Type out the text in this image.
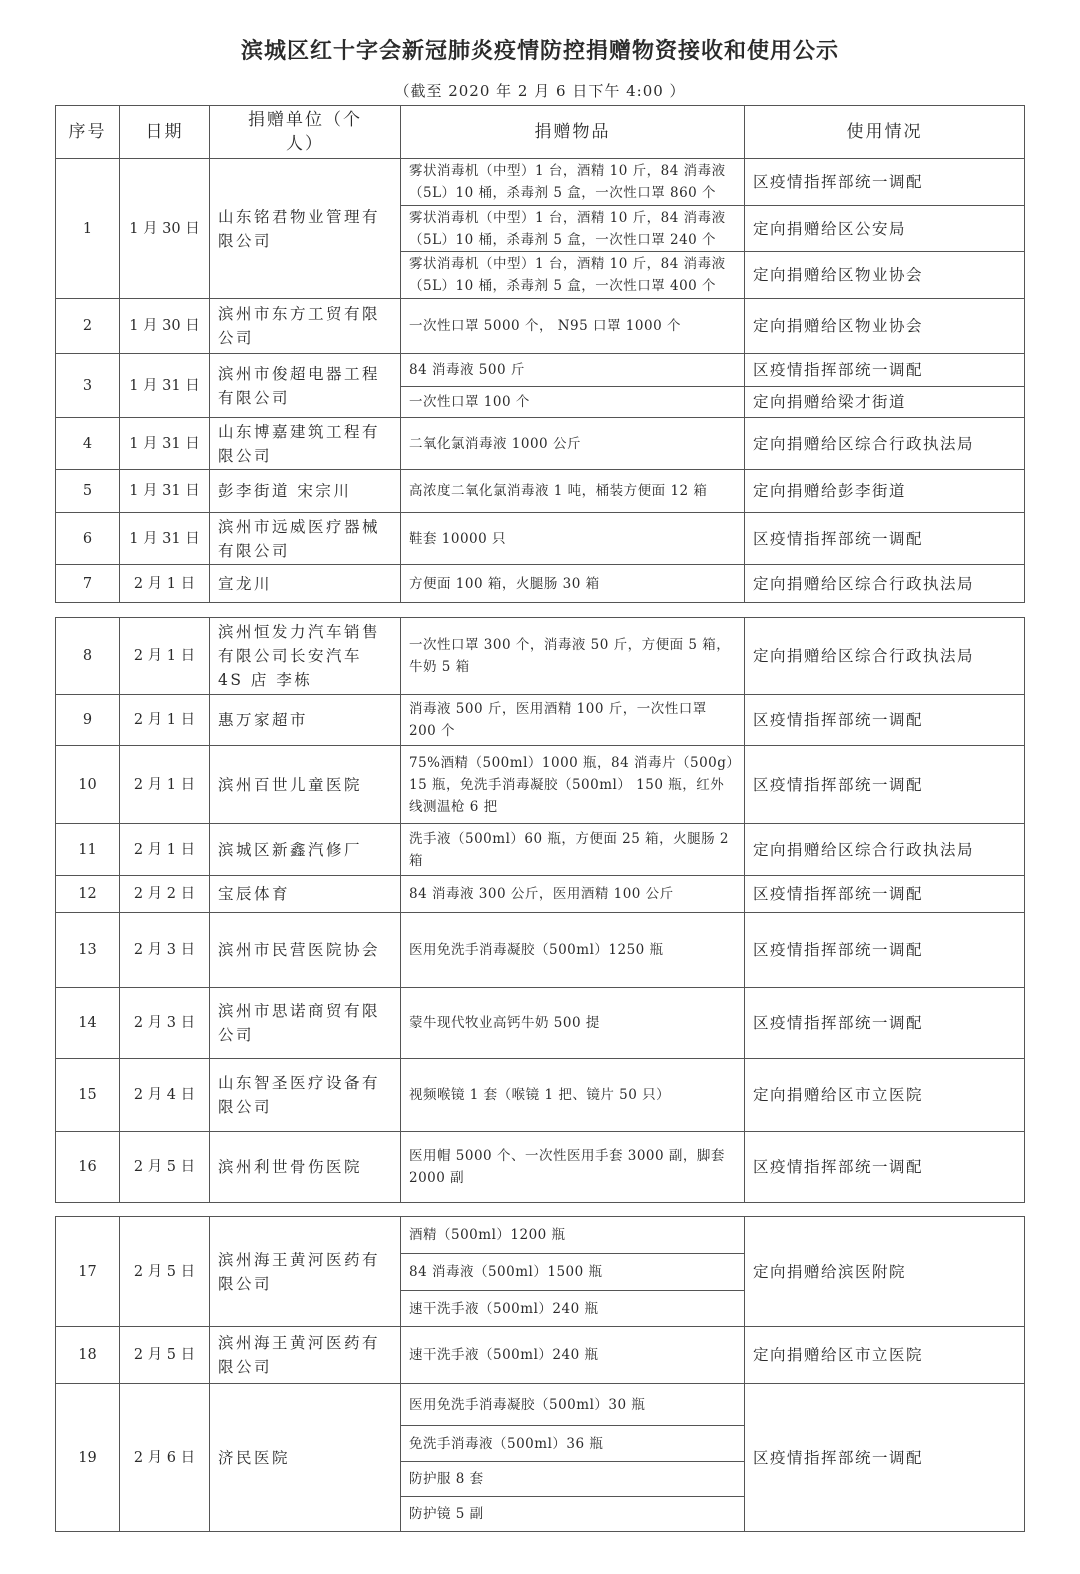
滨城区红十字会新冠肺炎疫情防控捐赠物资接收和使用公示
（截至 2020 年 2 月 6 日下午 4:00 ）
序号	日期	捐赠单位（个人）	捐赠物品	使用情况
1	1 月 30 日	山东铭君物业管理有限公司	雾状消毒机（中型）1 台，酒精 10 斤，84 消毒液（5L）10 桶，杀毒剂 5 盒，一次性口罩 860 个	区疫情指挥部统一调配
			雾状消毒机（中型）1 台，酒精 10 斤，84 消毒液（5L）10 桶，杀毒剂 5 盒，一次性口罩 240 个	定向捐赠给区公安局
			雾状消毒机（中型）1 台，酒精 10 斤，84 消毒液（5L）10 桶，杀毒剂 5 盒，一次性口罩 400 个	定向捐赠给区物业协会
2	1 月 30 日	滨州市东方工贸有限公司	一次性口罩 5000 个， N95 口罩 1000 个	定向捐赠给区物业协会
3	1 月 31 日	滨州市俊超电器工程有限公司	84 消毒液 500 斤	区疫情指挥部统一调配
			一次性口罩 100 个	定向捐赠给梁才街道
4	1 月 31 日	山东博嘉建筑工程有限公司	二氧化氯消毒液 1000 公斤	定向捐赠给区综合行政执法局
5	1 月 31 日	彭李街道 宋宗川	高浓度二氧化氯消毒液 1 吨，桶装方便面 12 箱	定向捐赠给彭李街道
6	1 月 31 日	滨州市远威医疗器械有限公司	鞋套 10000 只	区疫情指挥部统一调配
7	2 月 1 日	宣龙川	方便面 100 箱，火腿肠 30 箱	定向捐赠给区综合行政执法局
8	2 月 1 日	滨州恒发力汽车销售有限公司长安汽车 4S 店 李栋	一次性口罩 300 个，消毒液 50 斤，方便面 5 箱，牛奶 5 箱	定向捐赠给区综合行政执法局
9	2 月 1 日	惠万家超市	消毒液 500 斤，医用酒精 100 斤，一次性口罩 200 个	区疫情指挥部统一调配
10	2 月 1 日	滨州百世儿童医院	75%酒精（500ml）1000 瓶，84 消毒片（500g）15 瓶，免洗手消毒凝胶（500ml） 150 瓶，红外线测温枪 6 把	区疫情指挥部统一调配
11	2 月 1 日	滨城区新鑫汽修厂	洗手液（500ml）60 瓶，方便面 25 箱，火腿肠 2 箱	定向捐赠给区综合行政执法局
12	2 月 2 日	宝辰体育	84 消毒液 300 公斤，医用酒精 100 公斤	区疫情指挥部统一调配
13	2 月 3 日	滨州市民营医院协会	医用免洗手消毒凝胶（500ml）1250 瓶	区疫情指挥部统一调配
14	2 月 3 日	滨州市思诺商贸有限公司	蒙牛现代牧业高钙牛奶 500 提	区疫情指挥部统一调配
15	2 月 4 日	山东智圣医疗设备有限公司	视频喉镜 1 套（喉镜 1 把、镜片 50 只）	定向捐赠给区市立医院
16	2 月 5 日	滨州利世骨伤医院	医用帽 5000 个、一次性医用手套 3000 副，脚套 2000 副	区疫情指挥部统一调配
17	2 月 5 日	滨州海王黄河医药有限公司	酒精（500ml）1200 瓶	定向捐赠给滨医附院
			84 消毒液（500ml）1500 瓶	
			速干洗手液（500ml）240 瓶	
18	2 月 5 日	滨州海王黄河医药有限公司	速干洗手液（500ml）240 瓶	定向捐赠给区市立医院
19	2 月 6 日	济民医院	医用免洗手消毒凝胶（500ml）30 瓶	区疫情指挥部统一调配
			免洗手消毒液（500ml）36 瓶	
			防护服 8 套	
			防护镜 5 副	
